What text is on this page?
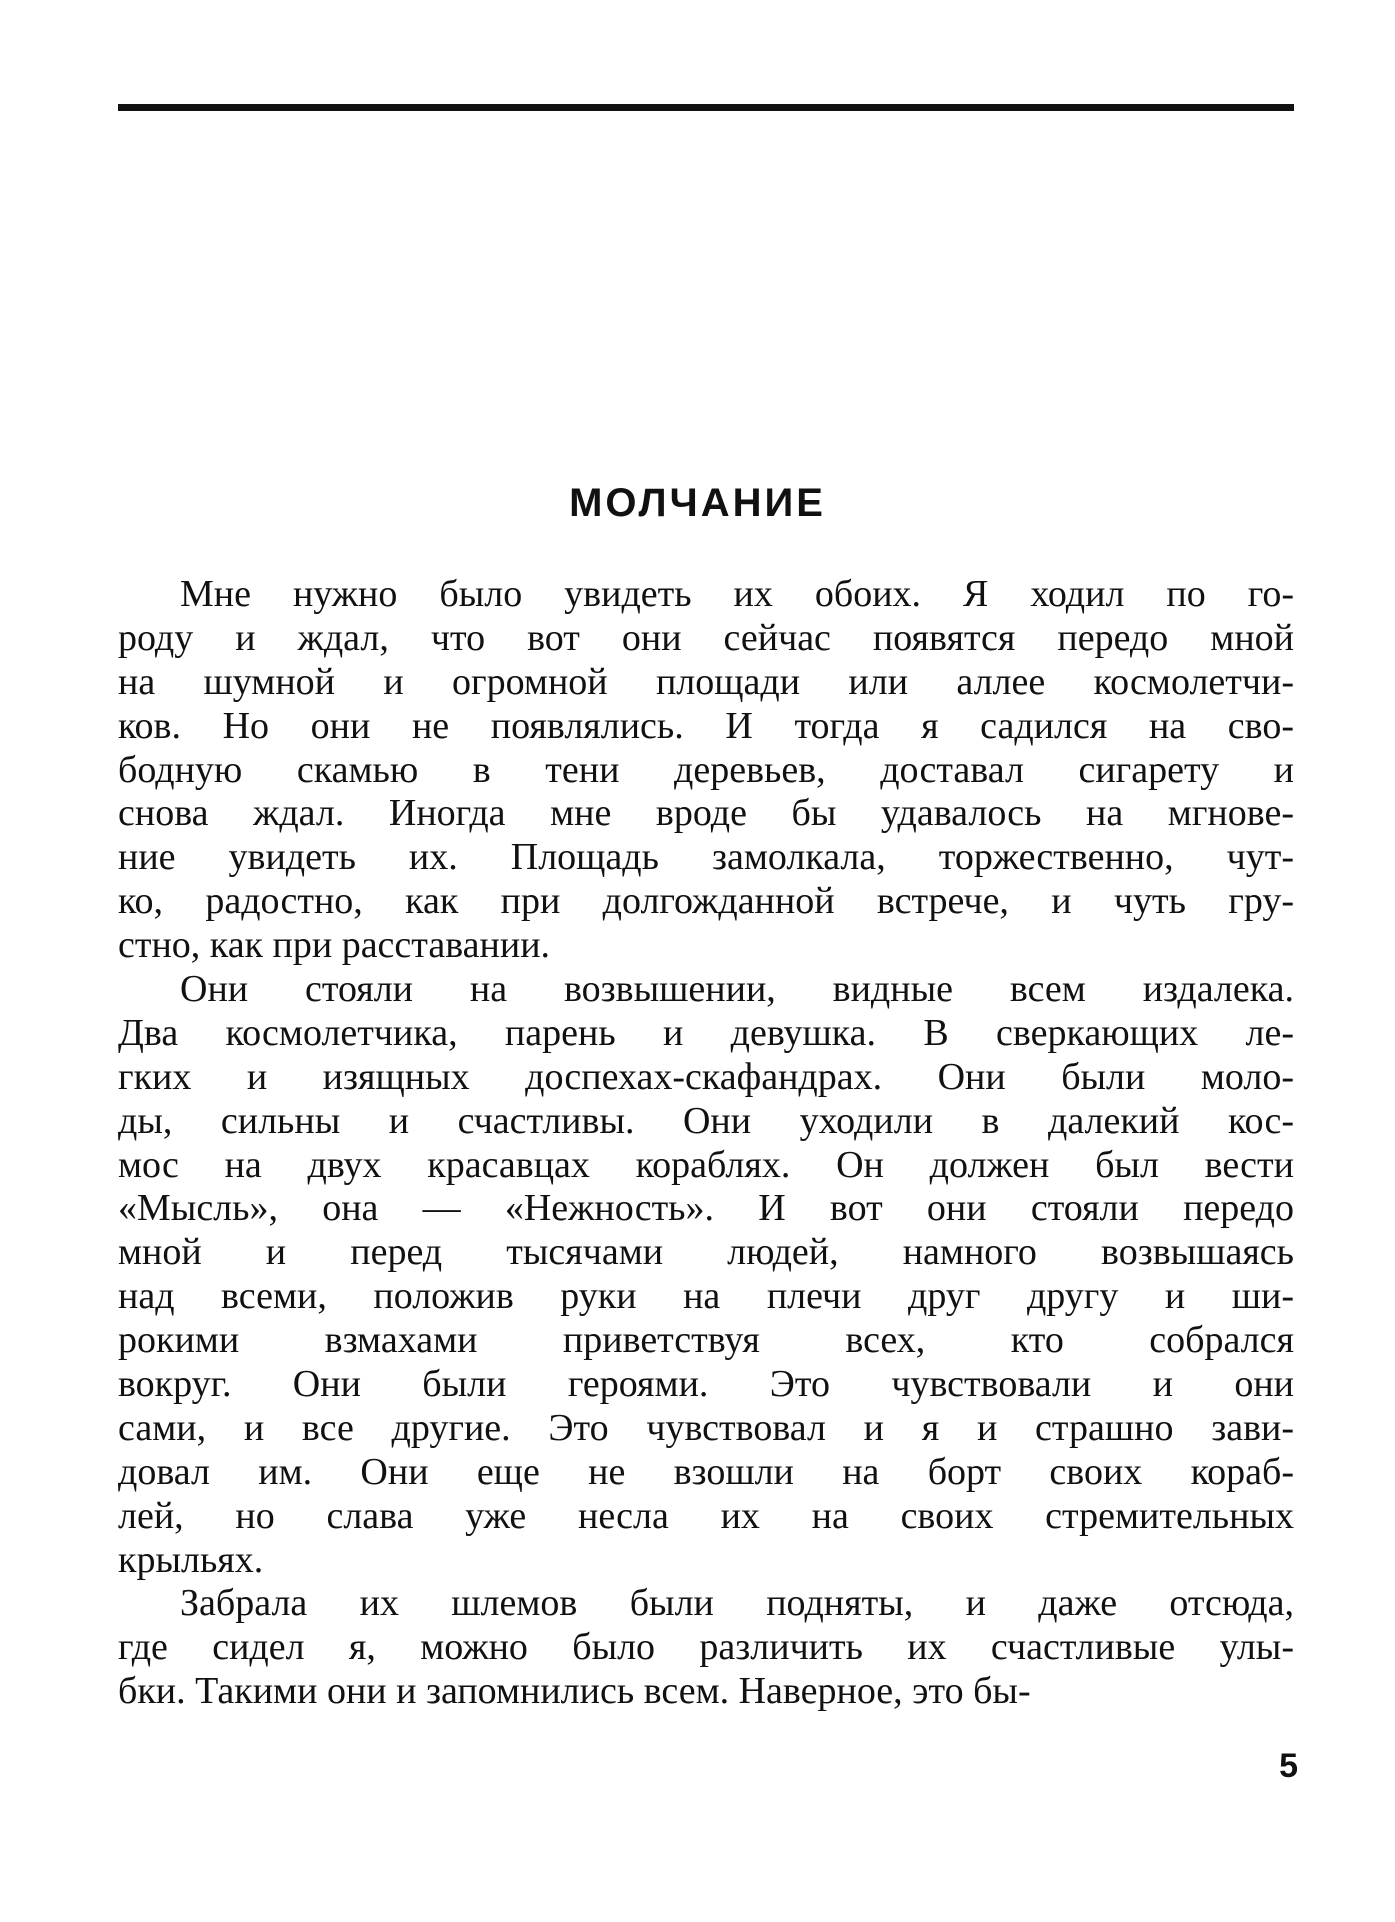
МОЛЧАНИЕ
Мне нужно было увидеть их обоих. Я ходил по го-
роду и ждал, что вот они сейчас появятся передо мной
на шумной и огромной площади или аллее космолетчи-
ков. Но они не появлялись. И тогда я садился на сво-
бодную скамью в тени деревьев, доставал сигарету и
снова ждал. Иногда мне вроде бы удавалось на мгнове-
ние увидеть их. Площадь замолкала, торжественно, чут-
ко, радостно, как при долгожданной встрече, и чуть гру-
стно, как при расставании.
Они стояли на возвышении, видные всем издалека.
Два космолетчика, парень и девушка. В сверкающих ле-
гких и изящных доспехах-скафандрах. Они были моло-
ды, сильны и счастливы. Они уходили в далекий кос-
мос на двух красавцах кораблях. Он должен был вести
«Мысль», она — «Нежность». И вот они стояли передо
мной и перед тысячами людей, намного возвышаясь
над всеми, положив руки на плечи друг другу и ши-
рокими взмахами приветствуя всех, кто собрался
вокруг. Они были героями. Это чувствовали и они
сами, и все другие. Это чувствовал и я и страшно зави-
довал им. Они еще не взошли на борт своих кораб-
лей, но слава уже несла их на своих стремительных
крыльях.
Забрала их шлемов были подняты, и даже отсюда,
где сидел я, можно было различить их счастливые улы-
бки. Такими они и запомнились всем. Наверное, это бы-
5
